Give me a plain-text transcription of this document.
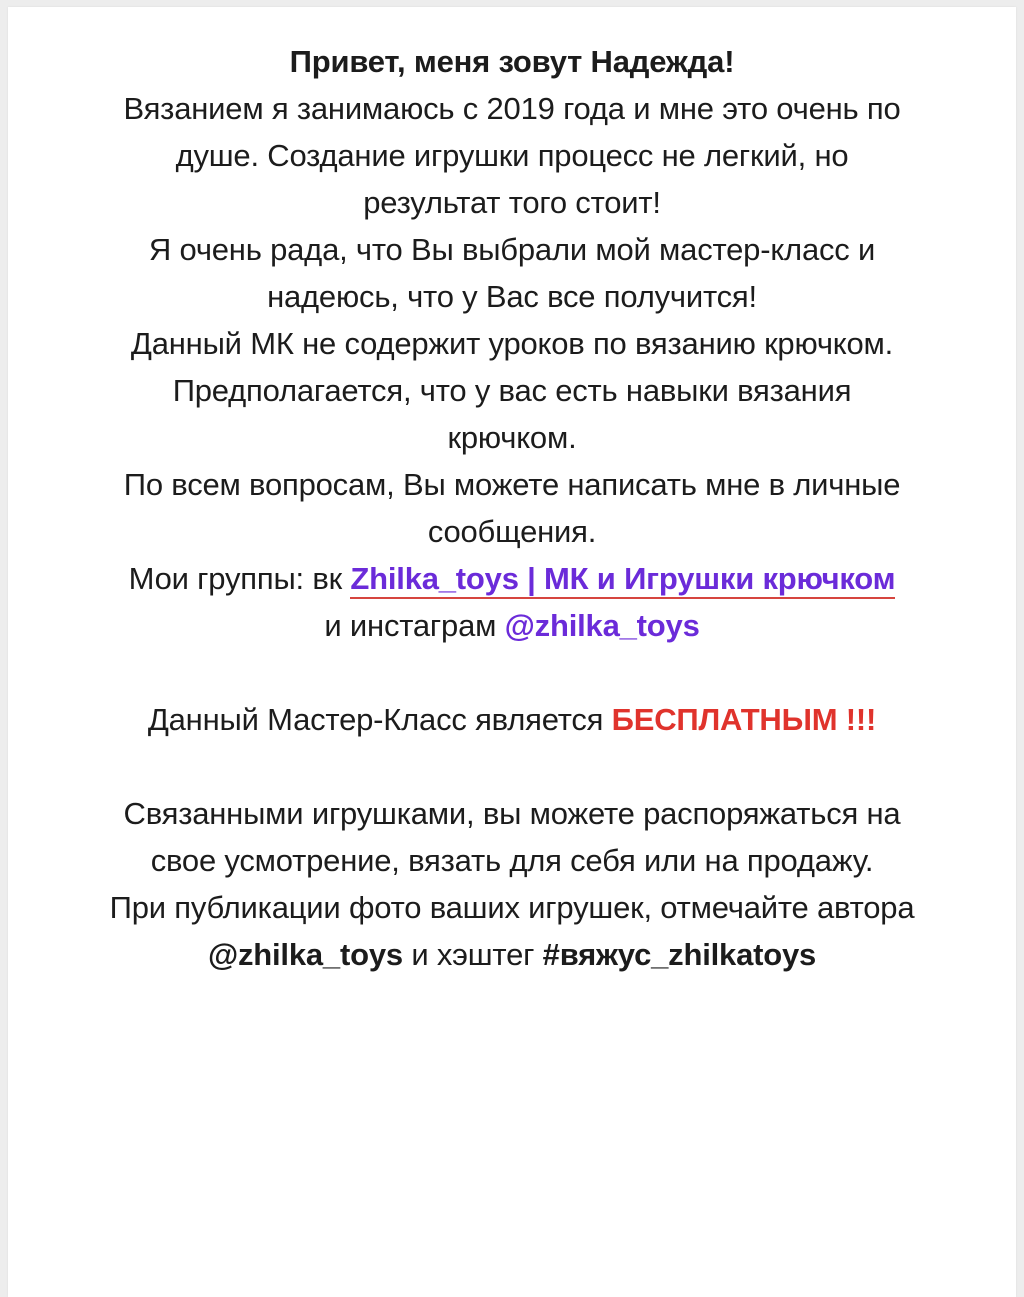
Привет, меня зовут Надежда!
Вязанием я занимаюсь с 2019 года и мне это очень по
душе. Создание игрушки процесс не легкий, но
результат того стоит!
Я очень рада, что Вы выбрали мой мастер-класс и
надеюсь, что у Вас все получится!
Данный МК не содержит уроков по вязанию крючком.
Предполагается, что у вас есть навыки вязания
крючком.
По всем вопросам, Вы можете написать мне в личные
сообщения.
Мои группы: вк Zhilka_toys | МК и Игрушки крючком
и инстаграм @zhilka_toys
Данный Мастер-Класс является БЕСПЛАТНЫМ !!!
Связанными игрушками, вы можете распоряжаться на
свое усмотрение, вязать для себя или на продажу.
При публикации фото ваших игрушек, отмечайте автора
@zhilka_toys и хэштег #вяжус_zhilkatoys
